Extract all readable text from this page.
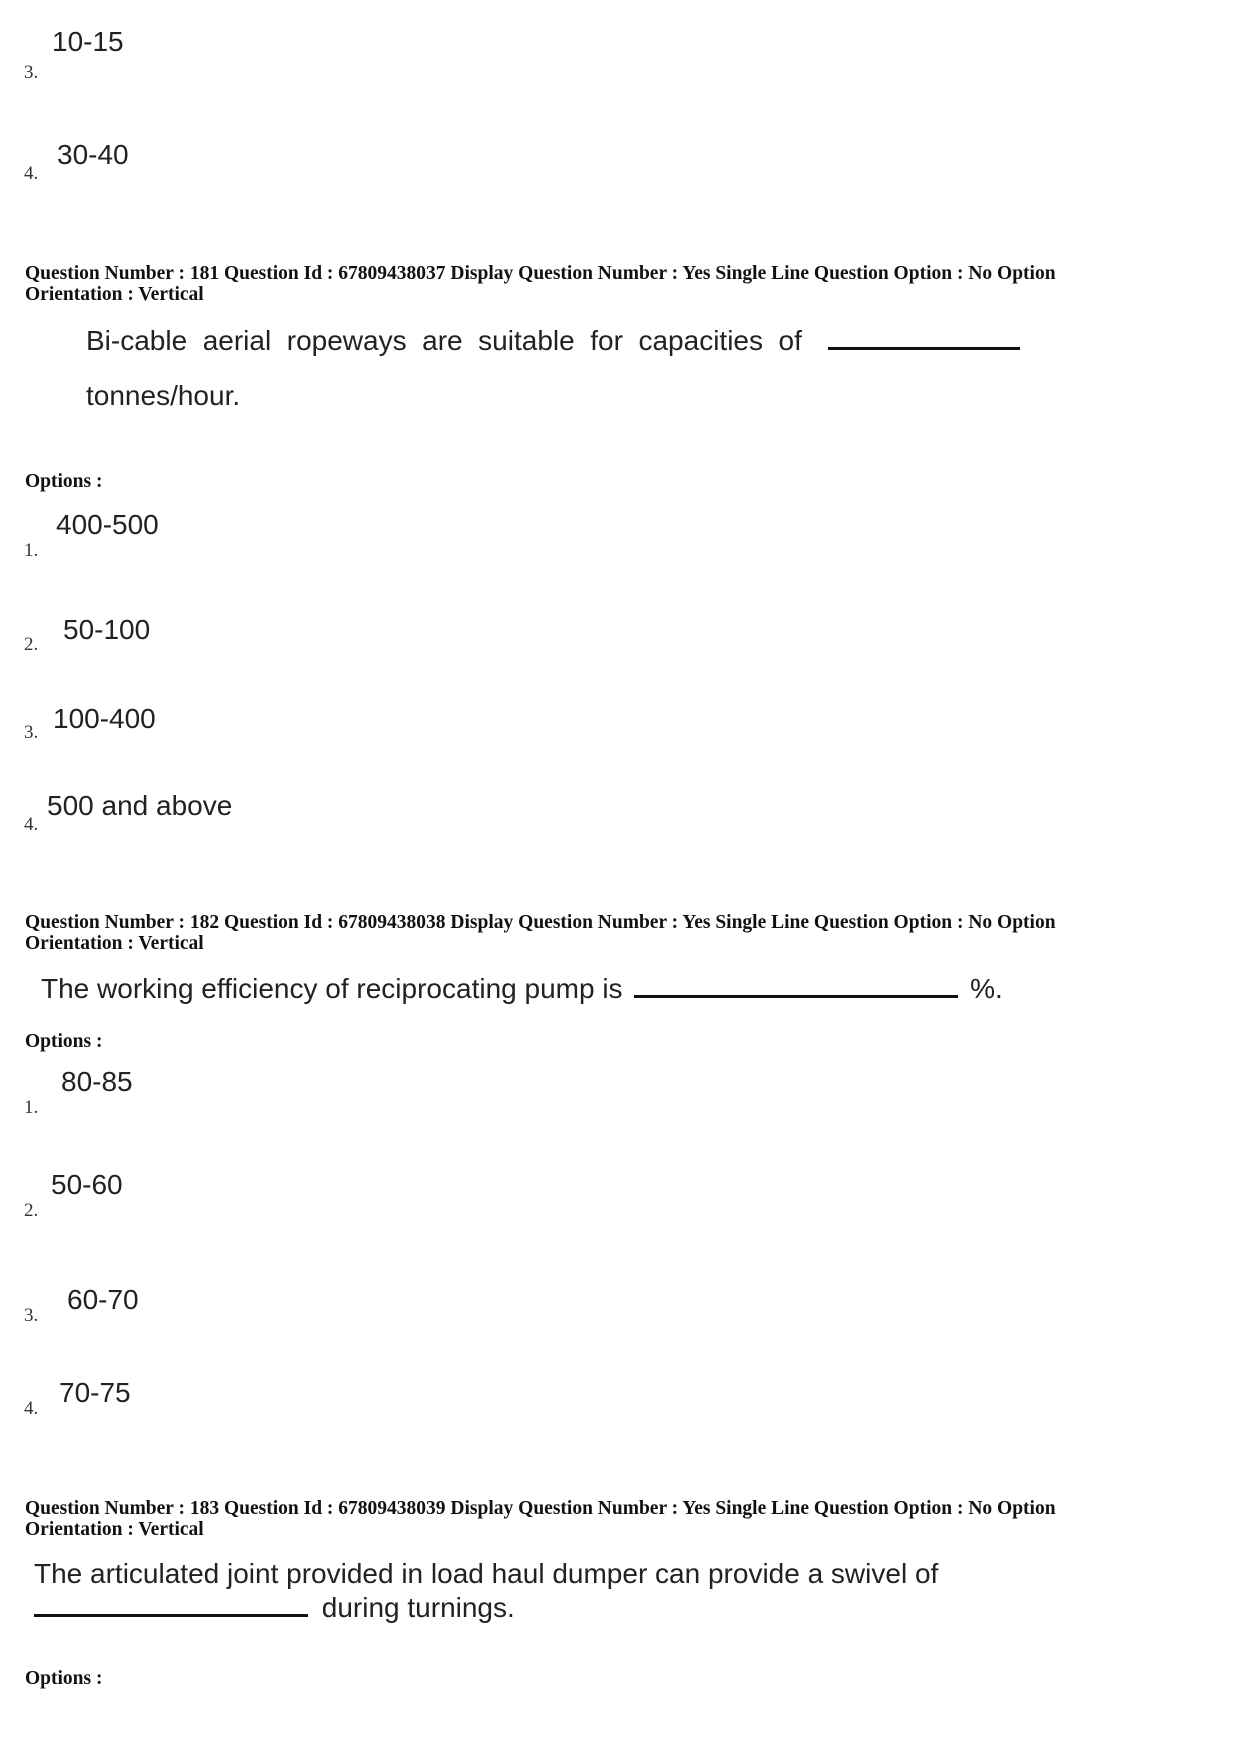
10-15
3.
30-40
4.
Question Number : 181 Question Id : 67809438037 Display Question Number : Yes Single Line Question Option : No Option
Orientation : Vertical
Bi-cable  aerial  ropeways  are  suitable  for  capacities  of
tonnes/hour.
Options :
400-500
1.
50-100
2.
100-400
3.
500 and above
4.
Question Number : 182 Question Id : 67809438038 Display Question Number : Yes Single Line Question Option : No Option
Orientation : Vertical
The working efficiency of reciprocating pump is	%.
Options :
80-85
1.
50-60
2.
60-70
3.
70-75
4.
Question Number : 183 Question Id : 67809438039 Display Question Number : Yes Single Line Question Option : No Option
Orientation : Vertical
The articulated joint provided in load haul dumper can provide a swivel of
during turnings.
Options :
